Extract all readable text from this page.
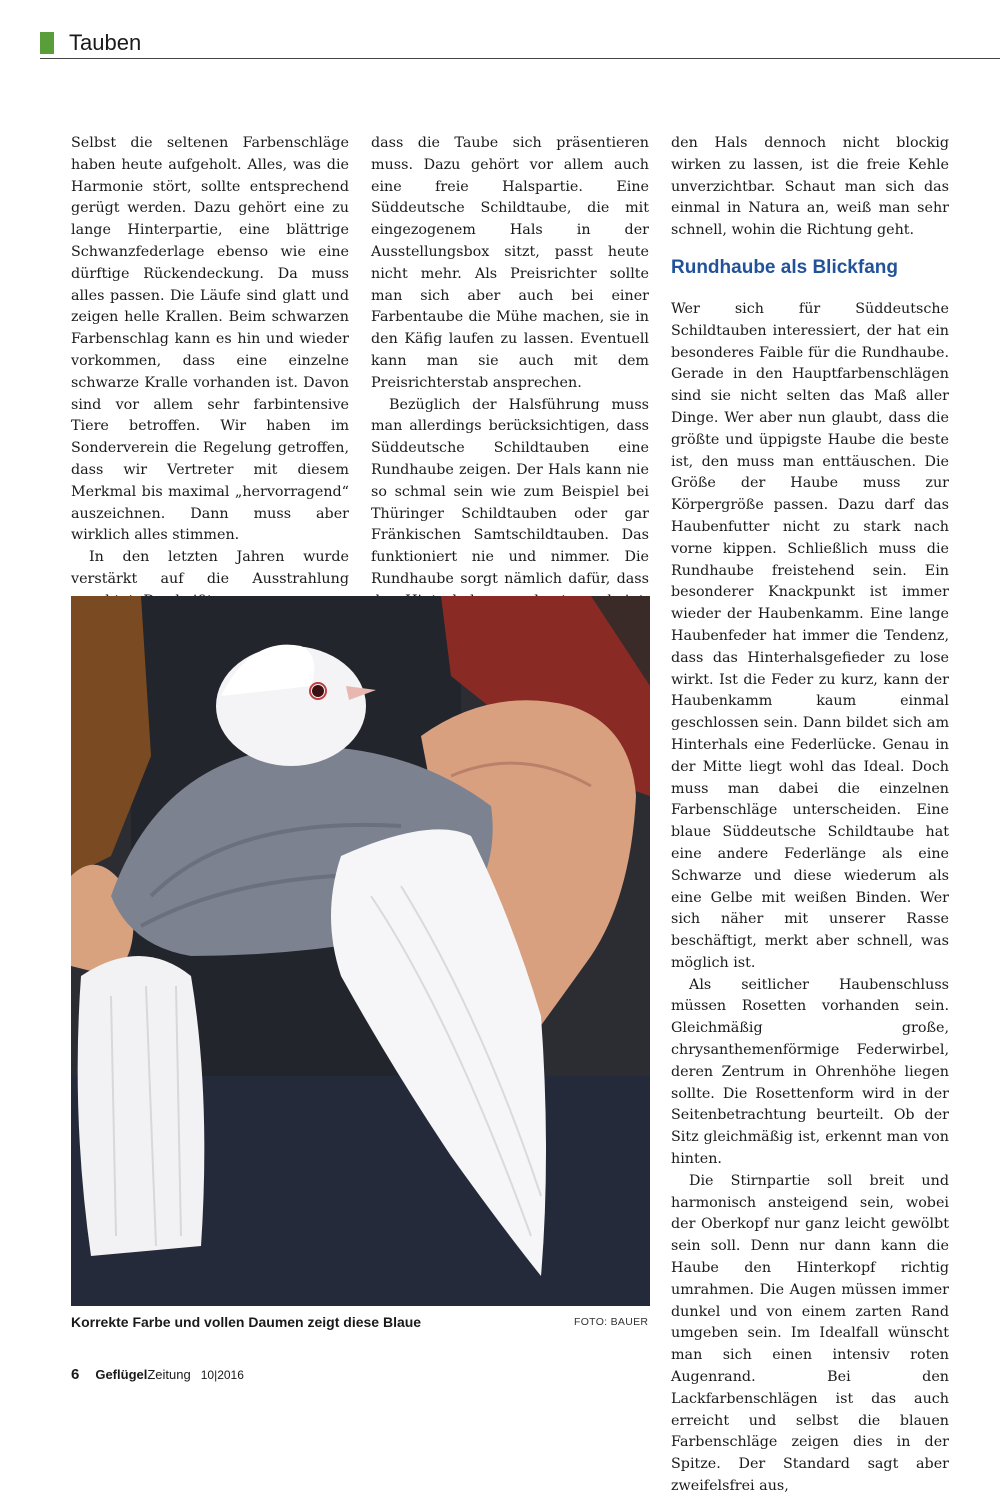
Tauben

Selbst die seltenen Farbenschläge haben heute aufgeholt. Alles, was die Harmonie stört, sollte entsprechend gerügt werden. Dazu gehört eine zu lange Hinterpartie, eine blättrige Schwanzfederlage ebenso wie eine dürftige Rückendeckung. Da muss alles passen. Die Läufe sind glatt und zeigen helle Krallen. Beim schwarzen Farbenschlag kann es hin und wieder vorkommen, dass eine einzelne schwarze Kralle vorhanden ist. Davon sind vor allem sehr farbintensive Tiere betroffen. Wir haben im Sonderverein die Regelung getroffen, dass wir Vertreter mit diesem Merkmal bis maximal „hervorragend“ auszeichnen. Dann muss aber wirklich alles stimmen.

In den letzten Jahren wurde verstärkt auf die Ausstrahlung

dass die Taube sich präsentieren muss. Dazu gehört vor allem auch eine freie Halspartie. Eine Süddeutsche Schildtaube, die mit eingezogenem Hals in der Ausstellungsbox sitzt, passt heute nicht mehr. Als Preisrichter sollte man sich aber auch bei einer Farbentaube die Mühe machen, sie in den Käfig laufen zu lassen. Eventuell kann man sie auch mit dem Preisrichterstab ansprechen.

Bezüglich der Halsführung muss man allerdings berücksichtigen, dass Süddeutsche Schildtauben eine Rundhaube zeigen. Der Hals kann nie so schmal sein wie zum Beispiel bei Thüringer Schildtauben oder gar Fränkischen Samtschildtauben. Das funktioniert nie und nimmer. Die Rundhaube sorgt nämlich dafür, dass

den Hals dennoch nicht blockig wirken zu lassen, ist die freie Kehle unverzichtbar. Schaut man sich das einmal in Natura an, weiß man sehr schnell, wohin die Richtung geht.

Rundhaube als Blickfang

Wer sich für Süddeutsche Schildtauben interessiert, der hat ein besonderes Faible für die Rundhaube. Gerade in den Hauptfarbenschlägen sind sie nicht selten das Maß aller Dinge. Wer aber nun glaubt, dass die größte und üppigste Haube die beste ist, den muss man enttäuschen. Die Größe der Haube muss zur Körpergröße passen. Dazu darf das Haubenfutter nicht zu stark nach vorne kippen. Schließlich muss die Rundhaube freistehend sein. Ein besonderer Knackpunkt ist immer wieder der Haubenkamm. Eine lange Haubenfeder hat immer die Tendenz, dass das Hinterhalsgefieder zu lose wirkt. Ist die Feder zu kurz, kann der Haubenkamm kaum einmal geschlossen sein. Dann bildet sich am Hinterhals eine Federlücke. Genau in der Mitte liegt wohl das Ideal. Doch muss man dabei die einzelnen Farbenschläge unterscheiden. Eine blaue Süddeutsche Schildtaube hat eine andere Federlänge als eine Schwarze und diese wiederum als eine Gelbe mit weißen Binden. Wer sich näher mit unserer Rasse beschäftigt, merkt aber schnell, was möglich ist.

Als seitlicher Haubenschluss müssen Rosetten vorhanden sein. Gleichmäßig große, chrysanthemenförmige Federwirbel, deren Zentrum in Ohrenhöhe liegen sollte. Die Rosettenform wird in der Seitenbetrachtung beurteilt. Ob der Sitz gleichmäßig ist, erkennt man von hinten.

Die Stirnpartie soll breit und harmonisch ansteigend sein, wobei der Oberkopf nur ganz leicht gewölbt sein soll. Denn nur dann kann die Haube den Hinterkopf richtig umrahmen. Die Augen müssen immer dunkel und von einem zarten Rand umgeben sein. Im Idealfall wünscht man sich einen intensiv roten Augenrand. Bei den Lackfarbenschlägen ist das auch erreicht und selbst die blauen Farbenschläge zeigen dies in der Spitze. Der Standard sagt aber zweifelsfrei aus,

Korrekte Farbe und vollen Daumen zeigt diese Blaue	FOTO: BAUER
6 GeflügelZeitung 10|2016
